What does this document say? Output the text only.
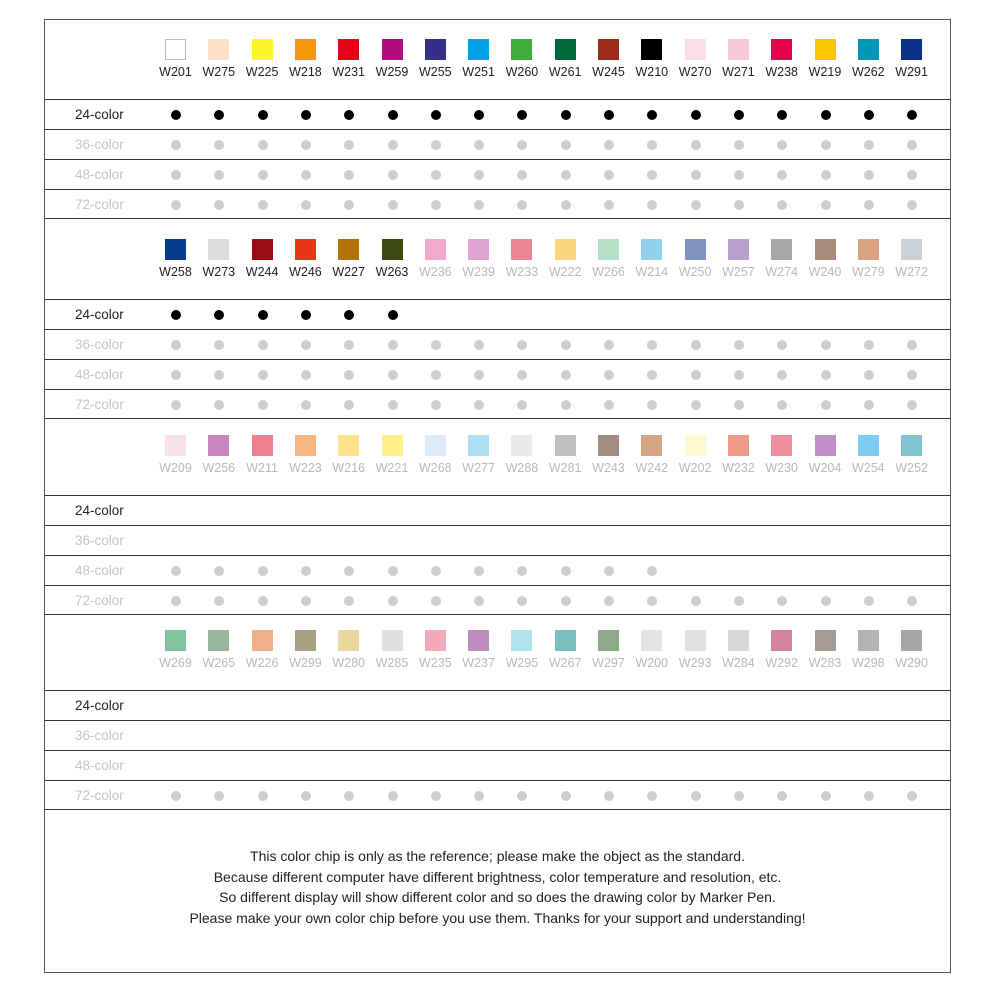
W201 W275 W225 W218 W231 W259 W255 W251 W260 W261 W245 W210 W270 W271 W238 W219 W262 W291
24-color
36-color
48-color
72-color
W258 W273 W244 W246 W227 W263 W236 W239 W233 W222 W266 W214 W250 W257 W274 W240 W279 W272
24-color
36-color
48-color
72-color
W209 W256 W211 W223 W216 W221 W268 W277 W288 W281 W243 W242 W202 W232 W230 W204 W254 W252
24-color
36-color
48-color
72-color
W269 W265 W226 W299 W280 W285 W235 W237 W295 W267 W297 W200 W293 W284 W292 W283 W298 W290
24-color
36-color
48-color
72-color
This color chip is only as the reference; please make the object as the standard.
Because different computer have different brightness, color temperature and resolution, etc.
So different display will show different color and so does the drawing color by Marker Pen.
Please make your own color chip before you use them. Thanks for your support and understanding!
